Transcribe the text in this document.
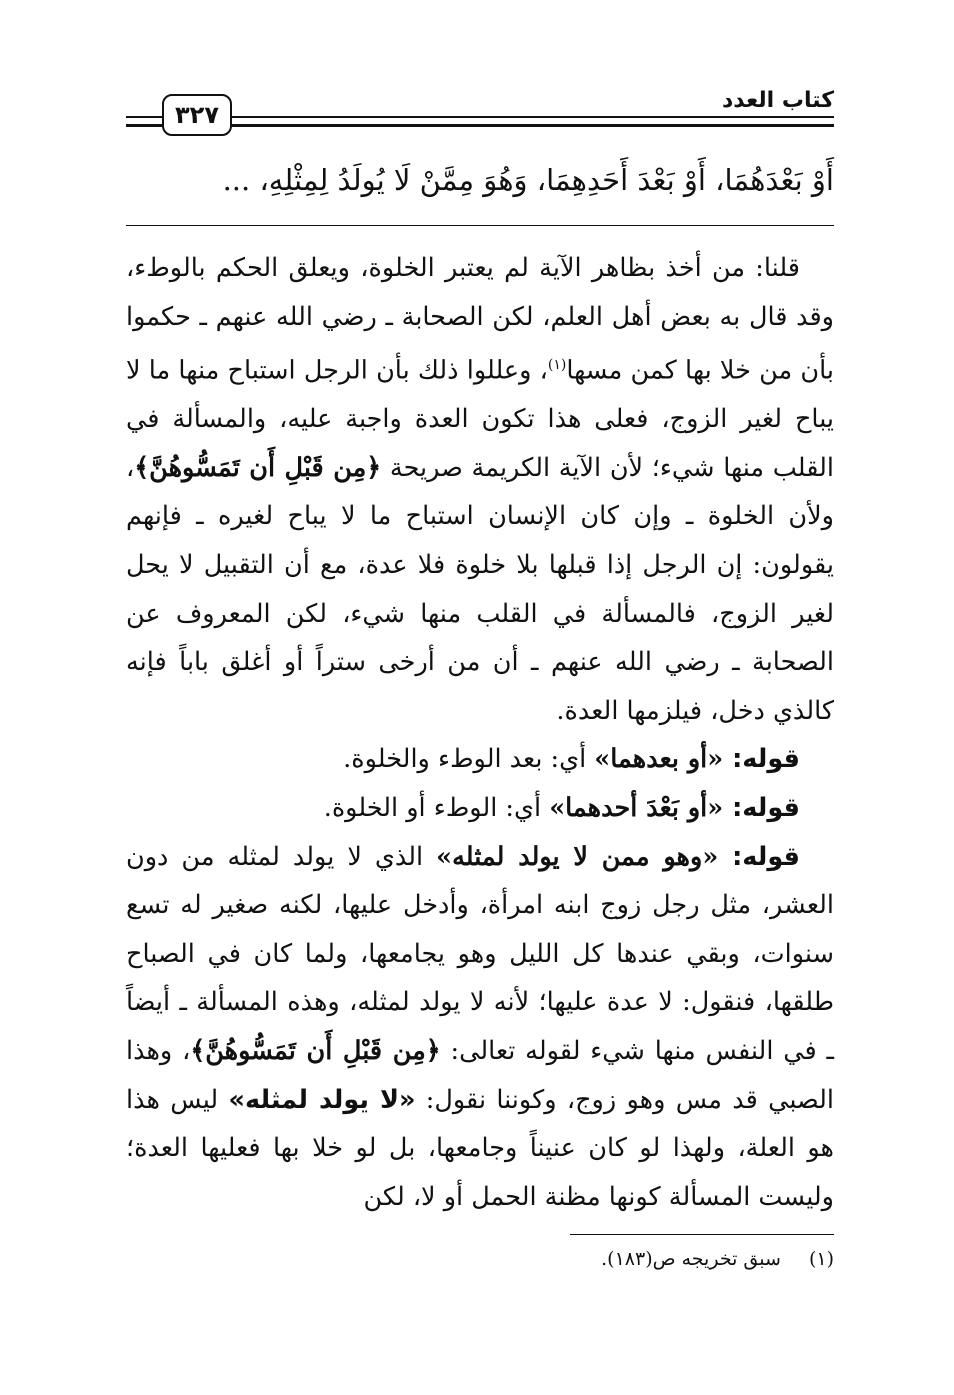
٣٢٧
كتاب العدد
أَوْ بَعْدَهُمَا، أَوْ بَعْدَ أَحَدِهِمَا، وَهُوَ مِمَّنْ لَا يُولَدُ لِمِثْلِهِ، ...

قلنا: من أخذ بظاهر الآية لم يعتبر الخلوة، ويعلق الحكم بالوطء، وقد قال به بعض أهل العلم، لكن الصحابة ـ رضي الله عنهم ـ حكموا بأن من خلا بها كمن مسها$^{(١)}$، وعللوا ذلك بأن الرجل استباح منها ما لا يباح لغير الزوج، فعلى هذا تكون العدة واجبة عليه، والمسألة في القلب منها شيء؛ لأن الآية الكريمة صريحة ﴿مِن قَبْلِ أَن تَمَسُّوهُنَّ﴾، ولأن الخلوة ـ وإن كان الإنسان استباح ما لا يباح لغيره ـ فإنهم يقولون: إن الرجل إذا قبلها بلا خلوة فلا عدة، مع أن التقبيل لا يحل لغير الزوج، فالمسألة في القلب منها شيء، لكن المعروف عن الصحابة ـ رضي الله عنهم ـ أن من أرخى ستراً أو أغلق باباً فإنه كالذي دخل، فيلزمها العدة.

قوله: «أو بعدهما» أي: بعد الوطء والخلوة.

قوله: «أو بَعْدَ أحدهما» أي: الوطء أو الخلوة.

قوله: «وهو ممن لا يولد لمثله» الذي لا يولد لمثله من دون العشر، مثل رجل زوج ابنه امرأة، وأدخل عليها، لكنه صغير له تسع سنوات، وبقي عندها كل الليل وهو يجامعها، ولما كان في الصباح طلقها، فنقول: لا عدة عليها؛ لأنه لا يولد لمثله، وهذه المسألة ـ أيضاً ـ في النفس منها شيء لقوله تعالى: ﴿مِن قَبْلِ أَن تَمَسُّوهُنَّ﴾، وهذا الصبي قد مس وهو زوج، وكوننا نقول: «لا يولد لمثله» ليس هذا هو العلة، ولهذا لو كان عنيناً وجامعها، بل لو خلا بها فعليها العدة؛ وليست المسألة كونها مظنة الحمل أو لا، لكن

(١)سبق تخريجه ص(١٨٣).
